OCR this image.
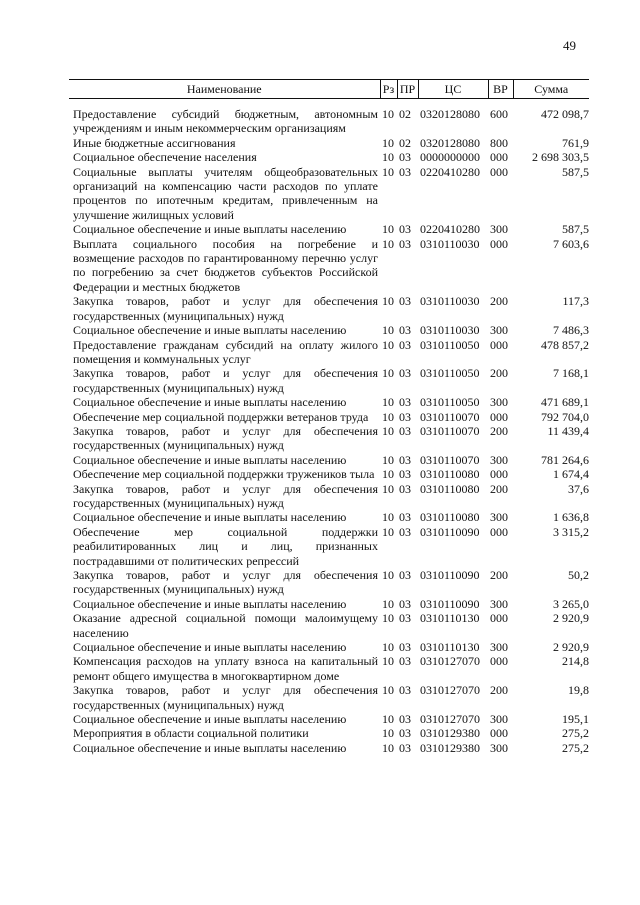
49
Наименование	Рз	ПР	ЦС	ВР	Сумма
Предоставление субсидий бюджетным, автономным учреждениям и иным некоммерческим организациям	10	02	0320128080	600	472 098,7
Иные бюджетные ассигнования	10	02	0320128080	800	761,9
Социальное обеспечение населения	10	03	0000000000	000	2 698 303,5
Социальные выплаты учителям общеобразовательных организаций на компенсацию части расходов по уплате процентов по ипотечным кредитам, привлеченным на улучшение жилищных условий	10	03	0220410280	000	587,5
Социальное обеспечение и иные выплаты населению	10	03	0220410280	300	587,5
Выплата социального пособия на погребение и возмещение расходов по гарантированному перечню услуг по погребению за счет бюджетов субъектов Российской Федерации и местных бюджетов	10	03	0310110030	000	7 603,6
Закупка товаров, работ и услуг для обеспечения государственных (муниципальных) нужд	10	03	0310110030	200	117,3
Социальное обеспечение и иные выплаты населению	10	03	0310110030	300	7 486,3
Предоставление гражданам субсидий на оплату жилого помещения и коммунальных услуг	10	03	0310110050	000	478 857,2
Закупка товаров, работ и услуг для обеспечения государственных (муниципальных) нужд	10	03	0310110050	200	7 168,1
Социальное обеспечение и иные выплаты населению	10	03	0310110050	300	471 689,1
Обеспечение мер социальной поддержки ветеранов труда	10	03	0310110070	000	792 704,0
Закупка товаров, работ и услуг для обеспечения государственных (муниципальных) нужд	10	03	0310110070	200	11 439,4
Социальное обеспечение и иные выплаты населению	10	03	0310110070	300	781 264,6
Обеспечение мер социальной поддержки тружеников тыла	10	03	0310110080	000	1 674,4
Закупка товаров, работ и услуг для обеспечения государственных (муниципальных) нужд	10	03	0310110080	200	37,6
Социальное обеспечение и иные выплаты населению	10	03	0310110080	300	1 636,8
Обеспечение мер социальной поддержки реабилитированных лиц и лиц, признанных пострадавшими от политических репрессий	10	03	0310110090	000	3 315,2
Закупка товаров, работ и услуг для обеспечения государственных (муниципальных) нужд	10	03	0310110090	200	50,2
Социальное обеспечение и иные выплаты населению	10	03	0310110090	300	3 265,0
Оказание адресной социальной помощи малоимущему населению	10	03	0310110130	000	2 920,9
Социальное обеспечение и иные выплаты населению	10	03	0310110130	300	2 920,9
Компенсация расходов на уплату взноса на капитальный ремонт общего имущества в многоквартирном доме	10	03	0310127070	000	214,8
Закупка товаров, работ и услуг для обеспечения государственных (муниципальных) нужд	10	03	0310127070	200	19,8
Социальное обеспечение и иные выплаты населению	10	03	0310127070	300	195,1
Мероприятия в области социальной политики	10	03	0310129380	000	275,2
Социальное обеспечение и иные выплаты населению	10	03	0310129380	300	275,2
